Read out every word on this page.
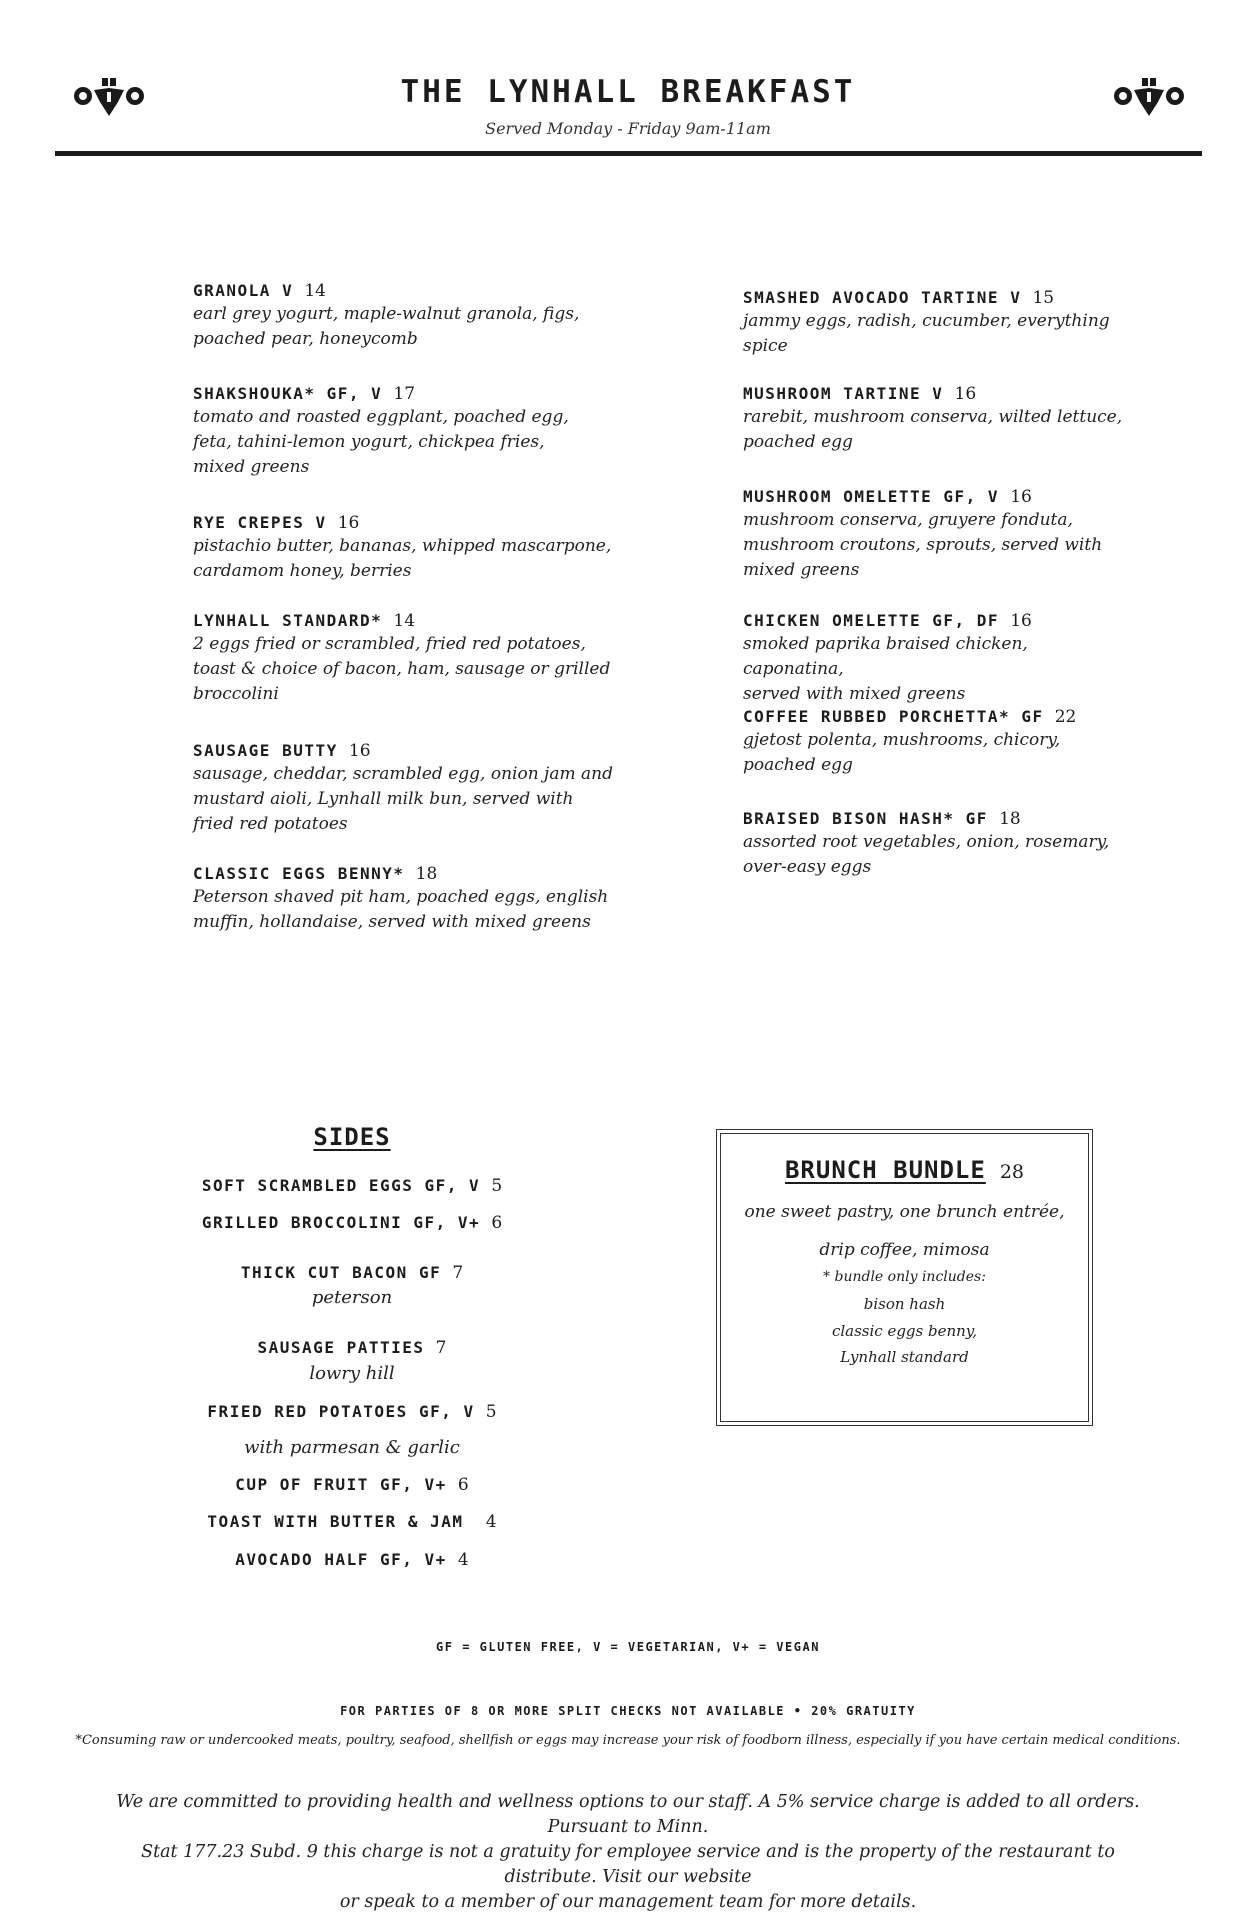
THE LYNHALL BREAKFAST
Served Monday - Friday 9am-11am
GRANOLA V 14
earl grey yogurt, maple-walnut granola, figs,
poached pear, honeycomb
SHAKSHOUKA* GF, V 17
tomato and roasted eggplant, poached egg,
feta, tahini-lemon yogurt, chickpea fries,
mixed greens
RYE CREPES V 16
pistachio butter, bananas, whipped mascarpone,
cardamom honey, berries
LYNHALL STANDARD* 14
2 eggs fried or scrambled, fried red potatoes,
toast & choice of bacon, ham, sausage or grilled
broccolini
SAUSAGE BUTTY 16
sausage, cheddar, scrambled egg, onion jam and
mustard aioli, Lynhall milk bun, served with
fried red potatoes
CLASSIC EGGS BENNY* 18
Peterson shaved pit ham, poached eggs, english
muffin, hollandaise, served with mixed greens
SMASHED AVOCADO TARTINE V 15
jammy eggs, radish, cucumber, everything
spice
MUSHROOM TARTINE V 16
rarebit, mushroom conserva, wilted lettuce,
poached egg
MUSHROOM OMELETTE GF, V 16
mushroom conserva, gruyere fonduta,
mushroom croutons, sprouts, served with
mixed greens
CHICKEN OMELETTE GF, DF 16
smoked paprika braised chicken, caponatina,
served with mixed greens
COFFEE RUBBED PORCHETTA* GF 22
gjetost polenta, mushrooms, chicory,
poached egg
BRAISED BISON HASH* GF 18
assorted root vegetables, onion, rosemary,
over-easy eggs
SIDES
SOFT SCRAMBLED EGGS GF, V 5
GRILLED BROCCOLINI GF, V+ 6
THICK CUT BACON GF 7
peterson
SAUSAGE PATTIES 7
lowry hill
FRIED RED POTATOES GF, V 5
with parmesan & garlic
CUP OF FRUIT GF, V+ 6
TOAST WITH BUTTER & JAM 4
AVOCADO HALF GF, V+ 4
BRUNCH BUNDLE 28
one sweet pastry, one brunch entrée,
drip coffee, mimosa
* bundle only includes:
bison hash
classic eggs benny,
Lynhall standard
GF = GLUTEN FREE, V = VEGETARIAN, V+ = VEGAN
FOR PARTIES OF 8 OR MORE SPLIT CHECKS NOT AVAILABLE • 20% GRATUITY
*Consuming raw or undercooked meats, poultry, seafood, shellfish or eggs may increase your risk of foodborn illness, especially if you have certain medical conditions.
We are committed to providing health and wellness options to our staff. A 5% service charge is added to all orders. Pursuant to Minn.
Stat 177.23 Subd. 9 this charge is not a gratuity for employee service and is the property of the restaurant to distribute. Visit our website
or speak to a member of our management team for more details.
